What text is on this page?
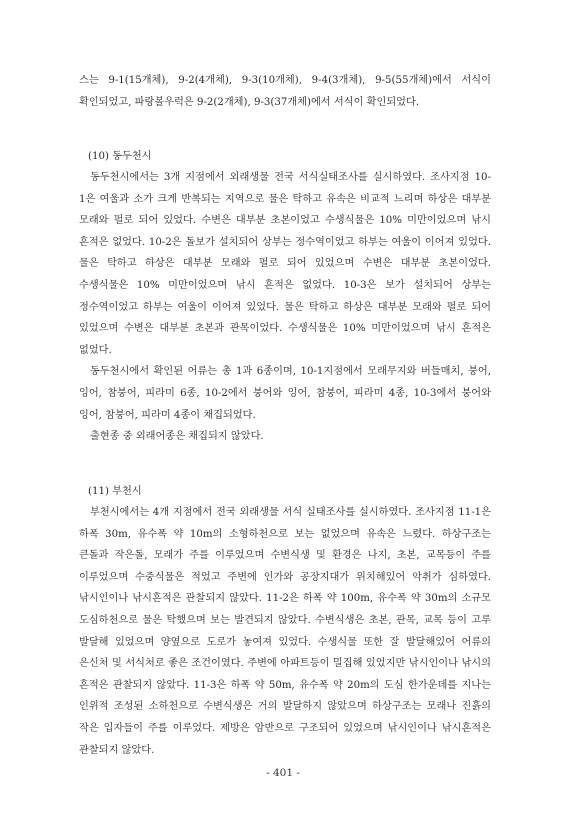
스는 9-1(15개체), 9-2(4개체), 9-3(10개체), 9-4(3개체), 9-5(55개체)에서 서식이 확인되었고, 파랑볼우럭은 9-2(2개체), 9-3(37개체)에서 서식이 확인되었다.

(10) 동두천시

동두천시에서는 3개 지점에서 외래생물 전국 서식실태조사를 실시하였다. 조사지점 10-1은 여울과 소가 크게 반복되는 지역으로 물은 탁하고 유속은 비교적 느리며 하상은 대부분 모래와 펄로 되어 있었다. 수변은 대부분 초본이었고 수생식물은 10% 미만이었으며 낚시 흔적은 없었다. 10-2은 돌보가 설치되어 상부는 정수역이었고 하부는 여울이 이어져 있었다. 물은 탁하고 하상은 대부분 모래와 펄로 되어 있었으며 수변은 대부분 초본이었다. 수생식물은 10% 미만이었으며 낚시 흔적은 없었다. 10-3은 보가 설치되어 상부는 정수역이었고 하부는 여울이 이어져 있었다. 물은 탁하고 하상은 대부분 모래와 펄로 되어 있었으며 수변은 대부분 초본과 관목이었다. 수생식물은 10% 미만이었으며 낚시 흔적은 없었다.

동두천시에서 확인된 어류는 총 1과 6종이며, 10-1지점에서 모래무지와 버들매치, 붕어, 잉어, 참붕어, 피라미 6종, 10-2에서 붕어와 잉어, 참붕어, 피라미 4종, 10-3에서 붕어와 잉어, 참붕어, 피라미 4종이 채집되었다.

출현종 중 외래어종은 채집되지 않았다.

(11) 부천시

부천시에서는 4개 지점에서 전국 외래생물 서식 실태조사를 실시하였다. 조사지점 11-1은 하폭 30m, 유수폭 약 10m의 소형하천으로 보는 없었으며 유속은 느렸다. 하상구조는 큰돌과 작은돌, 모래가 주를 이루었으며 수변식생 및 환경은 나지, 초본, 교목등이 주를 이루었으며 수중식물은 적었고 주변에 인가와 공장지대가 위치해있어 악취가 심하였다. 낚시인이나 낚시흔적은 관찰되지 않았다. 11-2은 하폭 약 100m, 유수폭 약 30m의 소규모 도심하천으로 물은 탁했으며 보는 발견되지 않았다. 수변식생은 초본, 관목, 교목 등이 고루 발달해 있었으며 양옆으로 도로가 놓여져 있었다. 수생식물 또한 잘 발달해있어 어류의 은신처 및 서식처로 좋은 조건이였다. 주변에 아파트등이 밀집해 있었지만 낚시인이나 낚시의 흔적은 관찰되지 않았다. 11-3은 하폭 약 50m, 유수폭 약 20m의 도심 한가운데를 지나는 인위적 조성된 소하천으로 수변식생은 거의 발달하지 않았으며 하상구조는 모래나 진흙의 작은 입자들이 주를 이루었다. 제방은 암반으로 구조되어 있었으며 낚시인이나 낚시흔적은 관찰되지 않았다.

- 401 -
